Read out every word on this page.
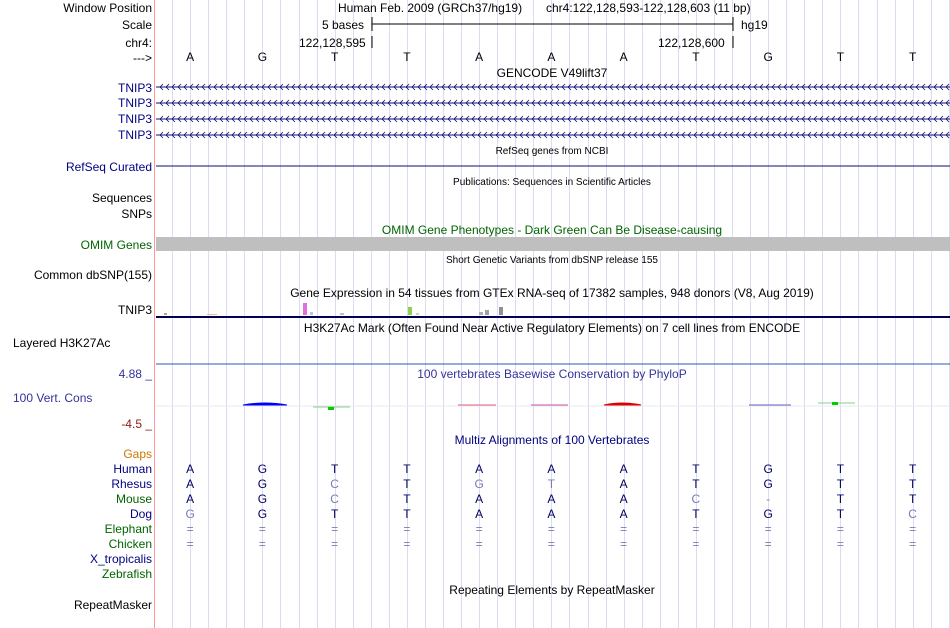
Window Position	Human Feb. 2009 (GRCh37/hg19) chr4:122,128,593-122,128,603 (11 bp)
Scale	5 bases	hg19
chr4:	122,128,595	122,128,600
--->	A	G	T	T	A	A	A	T	G	T	T
GENCODE V49lift37
TNIP3
TNIP3
TNIP3
TNIP3
RefSeq genes from NCBI
RefSeq Curated
Publications: Sequences in Scientific Articles
Sequences
SNPs
OMIM Gene Phenotypes - Dark Green Can Be Disease-causing
OMIM Genes
Short Genetic Variants from dbSNP release 155
Common dbSNP(155)
Gene Expression in 54 tissues from GTEx RNA-seq of 17382 samples, 948 donors (V8, Aug 2019)
TNIP3
H3K27Ac Mark (Often Found Near Active Regulatory Elements) on 7 cell lines from ENCODE
Layered H3K27Ac
100 vertebrates Basewise Conservation by PhyloP
4.88 _
100 Vert. Cons
-4.5 _
Multiz Alignments of 100 Vertebrates
Gaps
Human	A	G	T	T	A	A	A	T	G	T	T
Rhesus	A	G	C	T	G	T	A	T	G	T	T
Mouse	A	G	C	T	A	A	A	C	-	T	T
Dog	G	G	T	T	A	A	A	T	G	T	C
Elephant	=	=	=	=	=	=	=	=	=	=	=
Chicken	=	=	=	=	=	=	=	=	=	=	=
X_tropicalis
Zebrafish
Repeating Elements by RepeatMasker
RepeatMasker
